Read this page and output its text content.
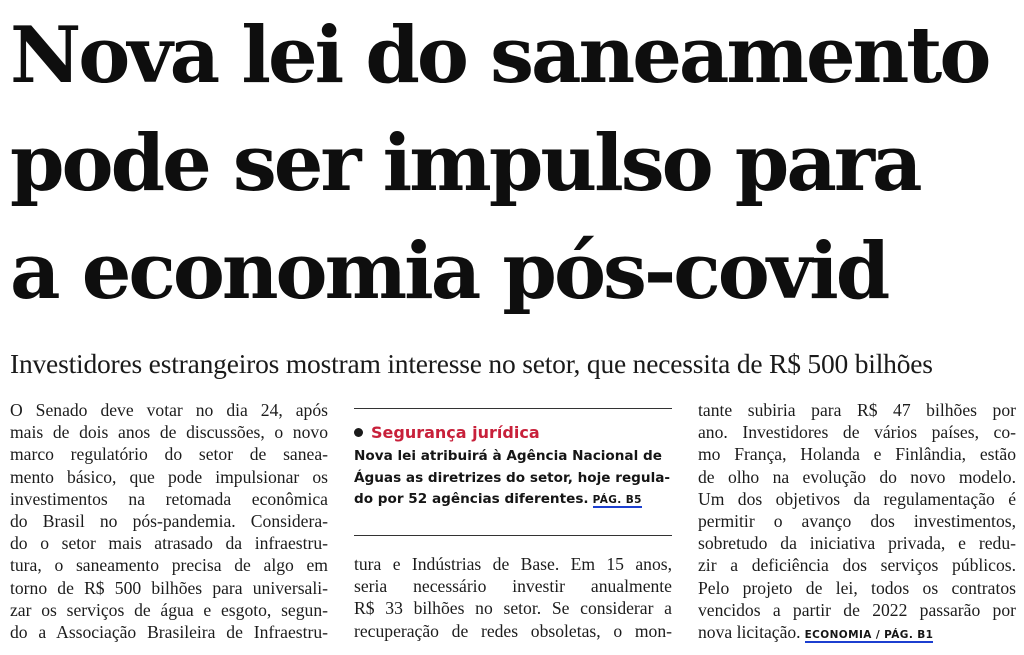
Nova lei do saneamento
pode ser impulso para
a economia pós-covid

Investidores estrangeiros mostram interesse no setor, que necessita de R$ 500 bilhões

O Senado deve votar no dia 24, após
mais de dois anos de discussões, o novo
marco regulatório do setor de sanea-
mento básico, que pode impulsionar os
investimentos na retomada econômica
do Brasil no pós-pandemia. Considera-
do o setor mais atrasado da infraestru-
tura, o saneamento precisa de algo em
torno de R$ 500 bilhões para universali-
zar os serviços de água e esgoto, segun-
do a Associação Brasileira de Infraestru-
Segurança jurídica
Nova lei atribuirá à Agência Nacional de
Águas as diretrizes do setor, hoje regula-
do por 52 agências diferentes. PÁG. B5
tura e Indústrias de Base. Em 15 anos,
seria necessário investir anualmente
R$ 33 bilhões no setor. Se considerar a
recuperação de redes obsoletas, o mon-
tante subiria para R$ 47 bilhões por
ano. Investidores de vários países, co-
mo França, Holanda e Finlândia, estão
de olho na evolução do novo modelo.
Um dos objetivos da regulamentação é
permitir o avanço dos investimentos,
sobretudo da iniciativa privada, e redu-
zir a deficiência dos serviços públicos.
Pelo projeto de lei, todos os contratos
vencidos a partir de 2022 passarão por
nova licitação. ECONOMIA / PÁG. B1
